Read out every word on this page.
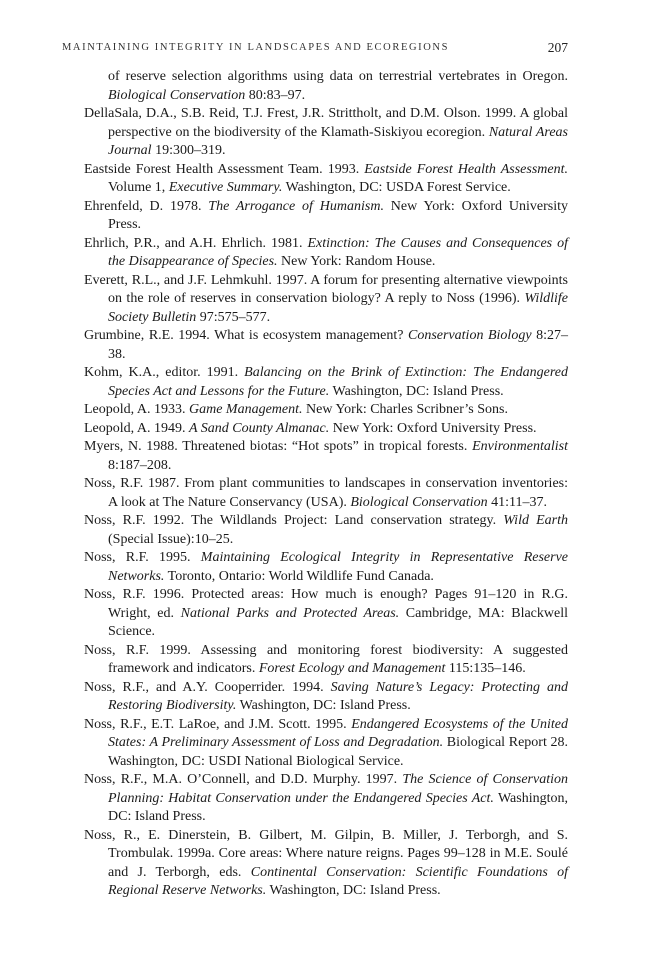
MAINTAINING INTEGRITY IN LANDSCAPES AND ECOREGIONS	207

of reserve selection algorithms using data on terrestrial vertebrates in Oregon. Biological Conservation 80:83–97.

DellaSala, D.A., S.B. Reid, T.J. Frest, J.R. Strittholt, and D.M. Olson. 1999. A global perspective on the biodiversity of the Klamath-Siskiyou ecoregion. Natural Areas Journal 19:300–319.

Eastside Forest Health Assessment Team. 1993. Eastside Forest Health Assessment. Volume 1, Executive Summary. Washington, DC: USDA Forest Service.

Ehrenfeld, D. 1978. The Arrogance of Humanism. New York: Oxford University Press.

Ehrlich, P.R., and A.H. Ehrlich. 1981. Extinction: The Causes and Consequences of the Disappearance of Species. New York: Random House.

Everett, R.L., and J.F. Lehmkuhl. 1997. A forum for presenting alternative viewpoints on the role of reserves in conservation biology? A reply to Noss (1996). Wildlife Society Bulletin 97:575–577.

Grumbine, R.E. 1994. What is ecosystem management? Conservation Biology 8:27–38.

Kohm, K.A., editor. 1991. Balancing on the Brink of Extinction: The Endangered Species Act and Lessons for the Future. Washington, DC: Island Press.

Leopold, A. 1933. Game Management. New York: Charles Scribner’s Sons.

Leopold, A. 1949. A Sand County Almanac. New York: Oxford University Press.

Myers, N. 1988. Threatened biotas: “Hot spots” in tropical forests. Environmentalist 8:187–208.

Noss, R.F. 1987. From plant communities to landscapes in conservation inventories: A look at The Nature Conservancy (USA). Biological Conservation 41:11–37.

Noss, R.F. 1992. The Wildlands Project: Land conservation strategy. Wild Earth (Special Issue):10–25.

Noss, R.F. 1995. Maintaining Ecological Integrity in Representative Reserve Networks. Toronto, Ontario: World Wildlife Fund Canada.

Noss, R.F. 1996. Protected areas: How much is enough? Pages 91–120 in R.G. Wright, ed. National Parks and Protected Areas. Cambridge, MA: Blackwell Science.

Noss, R.F. 1999. Assessing and monitoring forest biodiversity: A suggested framework and indicators. Forest Ecology and Management 115:135–146.

Noss, R.F., and A.Y. Cooperrider. 1994. Saving Nature’s Legacy: Protecting and Restoring Biodiversity. Washington, DC: Island Press.

Noss, R.F., E.T. LaRoe, and J.M. Scott. 1995. Endangered Ecosystems of the United States: A Preliminary Assessment of Loss and Degradation. Biological Report 28. Washington, DC: USDI National Biological Service.

Noss, R.F., M.A. O’Connell, and D.D. Murphy. 1997. The Science of Conservation Planning: Habitat Conservation under the Endangered Species Act. Washington, DC: Island Press.

Noss, R., E. Dinerstein, B. Gilbert, M. Gilpin, B. Miller, J. Terborgh, and S. Trombulak. 1999a. Core areas: Where nature reigns. Pages 99–128 in M.E. Soulé and J. Terborgh, eds. Continental Conservation: Scientific Foundations of Regional Reserve Networks. Washington, DC: Island Press.
